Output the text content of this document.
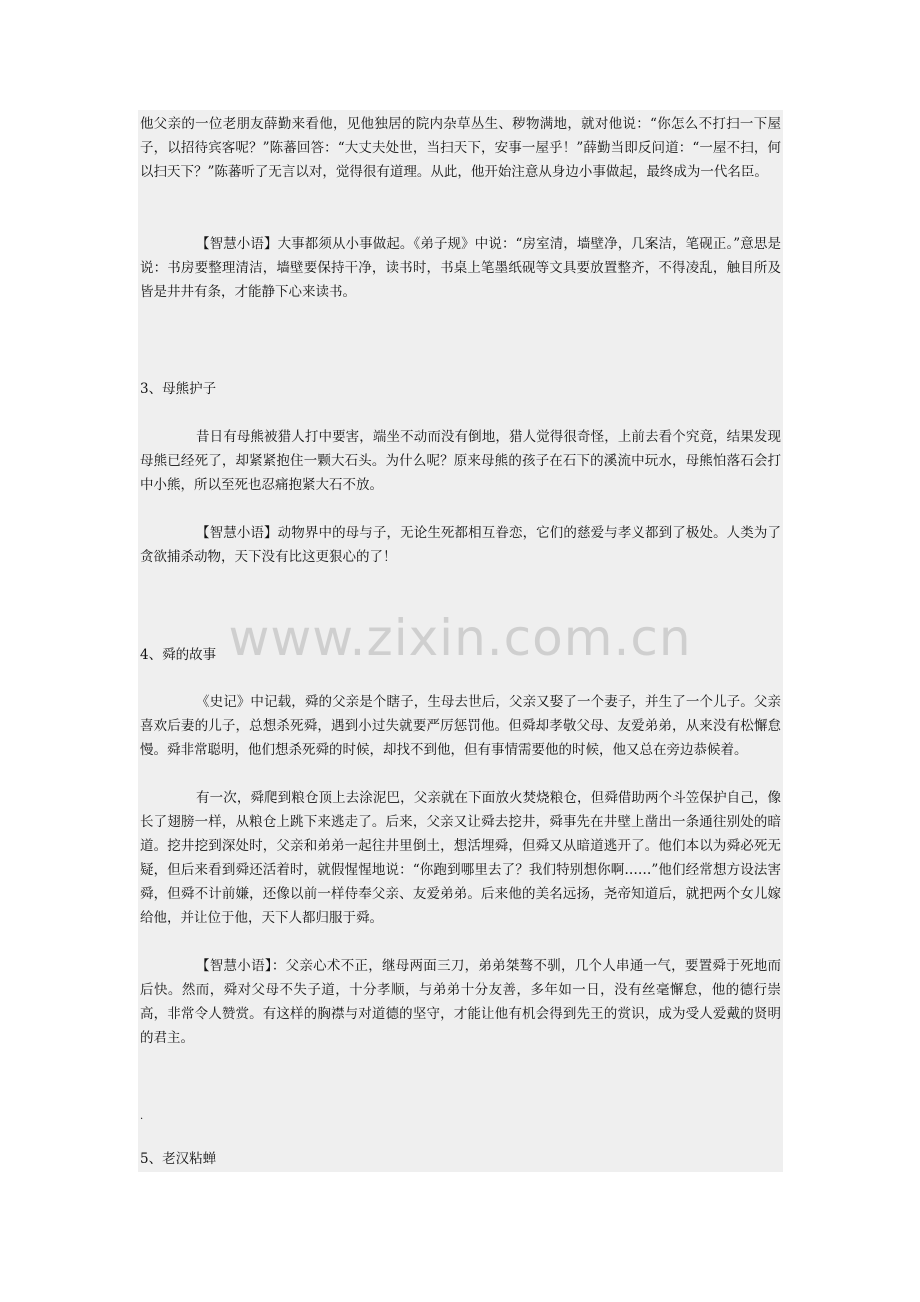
他父亲的一位老朋友薛勤来看他，见他独居的院内杂草丛生、秽物满地，就对他说：“你怎么不打扫一下屋子，以招待宾客呢？”陈蕃回答：“大丈夫处世，当扫天下，安事一屋乎！”薛勤当即反问道：“一屋不扫，何以扫天下？”陈蕃听了无言以对，觉得很有道理。从此，他开始注意从身边小事做起，最终成为一代名臣。

【智慧小语】大事都须从小事做起。《弟子规》中说：“房室清，墙壁净，几案洁，笔砚正。”意思是说：书房要整理清洁，墙壁要保持干净，读书时，书桌上笔墨纸砚等文具要放置整齐，不得凌乱，触目所及皆是井井有条，才能静下心来读书。

3、母熊护子

昔日有母熊被猎人打中要害，端坐不动而没有倒地，猎人觉得很奇怪，上前去看个究竟，结果发现母熊已经死了，却紧紧抱住一颗大石头。为什么呢？原来母熊的孩子在石下的溪流中玩水，母熊怕落石会打中小熊，所以至死也忍痛抱紧大石不放。

【智慧小语】动物界中的母与子，无论生死都相互眷恋，它们的慈爱与孝义都到了极处。人类为了贪欲捕杀动物，天下没有比这更狠心的了！

4、舜的故事

《史记》中记载，舜的父亲是个瞎子，生母去世后，父亲又娶了一个妻子，并生了一个儿子。父亲喜欢后妻的儿子，总想杀死舜，遇到小过失就要严厉惩罚他。但舜却孝敬父母、友爱弟弟，从来没有松懈怠慢。舜非常聪明，他们想杀死舜的时候，却找不到他，但有事情需要他的时候，他又总在旁边恭候着。

有一次，舜爬到粮仓顶上去涂泥巴，父亲就在下面放火焚烧粮仓，但舜借助两个斗笠保护自己，像长了翅膀一样，从粮仓上跳下来逃走了。后来，父亲又让舜去挖井，舜事先在井壁上凿出一条通往别处的暗道。挖井挖到深处时，父亲和弟弟一起往井里倒土，想活埋舜，但舜又从暗道逃开了。他们本以为舜必死无疑，但后来看到舜还活着时，就假惺惺地说：“你跑到哪里去了？我们特别想你啊……”他们经常想方设法害舜，但舜不计前嫌，还像以前一样侍奉父亲、友爱弟弟。后来他的美名远扬，尧帝知道后，就把两个女儿嫁给他，并让位于他，天下人都归服于舜。

【智慧小语】：父亲心术不正，继母两面三刀，弟弟桀骜不驯，几个人串通一气，要置舜于死地而后快。然而，舜对父母不失子道，十分孝顺，与弟弟十分友善，多年如一日，没有丝毫懈怠，他的德行崇高，非常令人赞赏。有这样的胸襟与对道德的坚守，才能让他有机会得到先王的赏识，成为受人爱戴的贤明的君主。

.

5、老汉粘蝉

www.zixin.com.cn
